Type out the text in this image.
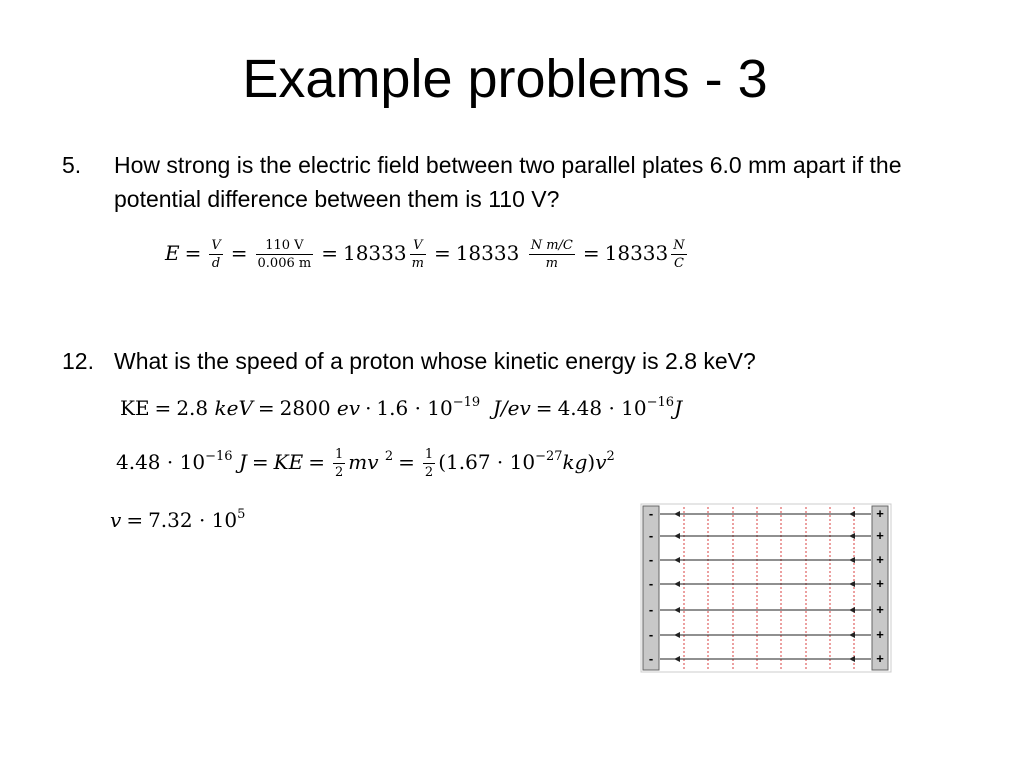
Example problems - 3
5. How strong is the electric field between two parallel plates 6.0 mm apart if the potential difference between them is 110 V?
$E = \frac{V}{d} = \frac{110 V}{0.006 m} = 18333 \frac{V}{m} = 18333 \frac{\text{N m/C}}{m} = 18333 \frac{N}{C}$
12. What is the speed of a proton whose kinetic energy is 2.8 keV?
KE = 2.8 keV = 2800 ev · $1.6 \cdot 10^{-19}$ $J/ev = 4.48 \cdot 10^{-16}J$
$4.48 \cdot 10^{-16}$ J = KE = $\frac{1}{2}$ mv $^2 = \frac{1}{2} (1.67 \cdot 10^{-27}kg)v^2$
$v = 7.32 \cdot 10^5$	-
-
-
-
-
-
-
+
+
+
+
+
+
+
